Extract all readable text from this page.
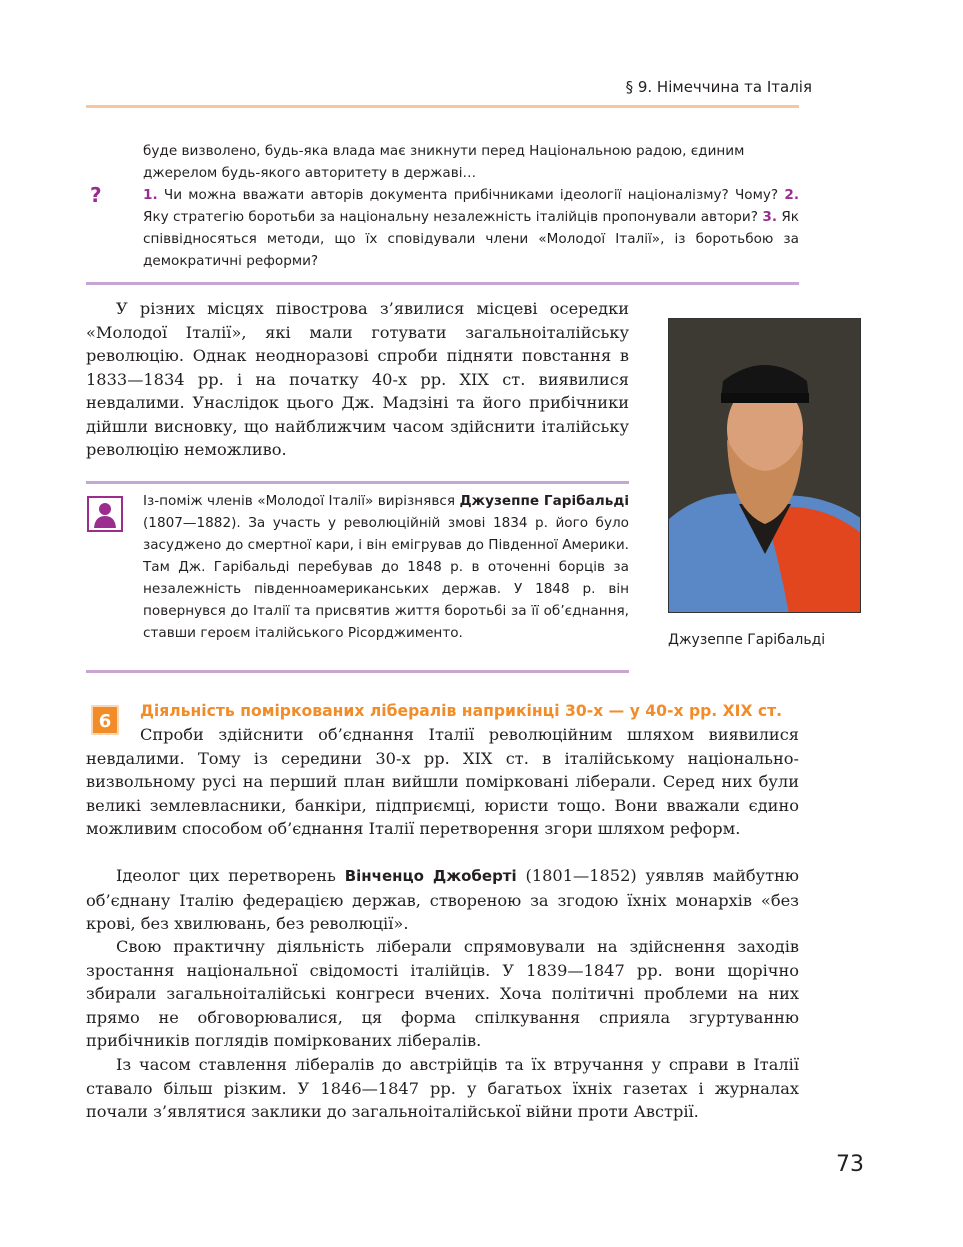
§ 9. Німеччина та Італія
буде визволено, будь-яка влада має зникнути перед Національною радою, єдиним джерелом будь-якого авторитету в державі…
?	1. Чи можна вважати авторів документа прибічниками ідеології націоналізму? Чому? 2. Яку стратегію боротьби за національну незалежність італійців пропонували автори? 3. Як співвідносяться методи, що їх сповідували члени «Молодої Італії», із боротьбою за демократичні реформи?
У різних місцях півострова з’явилися місцеві осередки «Молодої Італії», які мали готувати загальноіталійську революцію. Однак неодноразові спроби підняти повстання в 1833—1834 рр. і на початку 40-х рр. XIX ст. виявилися невдалими. Унаслідок цього Дж. Мадзіні та його прибічники дійшли висновку, що найближчим часом здійснити італійську революцію неможливо.
Джузеппе Гарібальді
Із-поміж членів «Молодої Італії» вирізнявся Джузеппе Гарібальді (1807—1882). За участь у революційній змові 1834 р. його було засуджено до смертної кари, і він емігрував до Південної Америки. Там Дж. Гарібальді перебував до 1848 р. в оточенні борців за незалежність південноамериканських держав. У 1848 р. він повернувся до Італії та присвятив життя боротьбі за її об’єднання, ставши героєм італійського Рісорджименто.
6	Діяльність поміркованих лібералів наприкінці 30-х — у 40-х рр. XIX ст.
Спроби здійснити об’єднання Італії революційним шляхом виявилися невдалими. Тому із середини 30-х рр. XIX ст. в італійському національно-визвольному русі на перший план вийшли помірковані ліберали. Серед них були великі землевласники, банкіри, підприємці, юристи тощо. Вони вважали єдино можливим способом об’єднання Італії перетворення згори шляхом реформ.
Ідеолог цих перетворень Вінченцо Джоберті (1801—1852) уявляв майбутню об’єднану Італію федерацією держав, створеною за згодою їхніх монархів «без крові, без хвилювань, без революції».
Свою практичну діяльність ліберали спрямовували на здійснення заходів зростання національної свідомості італійців. У 1839—1847 рр. вони щорічно збирали загальноіталійські конгреси вчених. Хоча політичні проблеми на них прямо не обговорювалися, ця форма спілкування сприяла згуртуванню прибічників поглядів поміркованих лібералів.
Із часом ставлення лібералів до австрійців та їх втручання у справи в Італії ставало більш різким. У 1846—1847 рр. у багатьох їхніх газетах і журналах почали з’являтися заклики до загальноіталійської війни проти Австрії.
73
